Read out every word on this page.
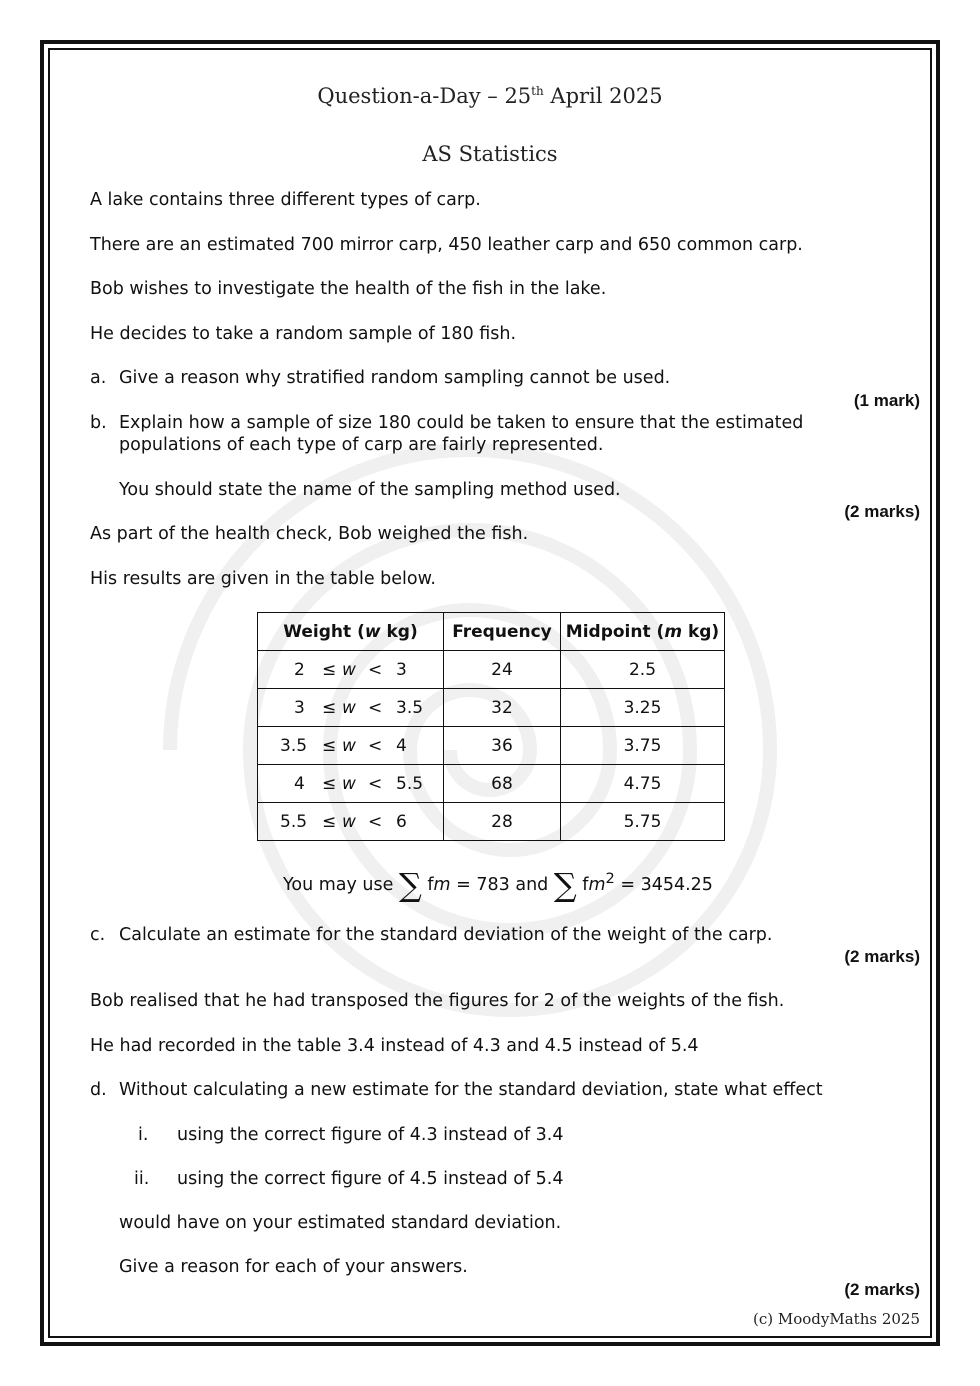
Question-a-Day – 25th April 2025
AS Statistics
A lake contains three different types of carp.
There are an estimated 700 mirror carp, 450 leather carp and 650 common carp.
Bob wishes to investigate the health of the fish in the lake.
He decides to take a random sample of 180 fish.
a. Give a reason why stratified random sampling cannot be used.
(1 mark)
b. Explain how a sample of size 180 could be taken to ensure that the estimated populations of each type of carp are fairly represented.
You should state the name of the sampling method used.
(2 marks)
As part of the health check, Bob weighed the fish.
His results are given in the table below.
Weight (w kg)	Frequency	Midpoint (m kg)

2 ≤ w < 3	24	2.5

3 ≤ w < 3.5	32	3.25

3.5 ≤ w < 4	36	3.75

4 ≤ w < 5.5	68	4.75

5.5 ≤ w < 6	28	5.75
You may use ∑ fm = 783 and ∑ $fm^2 = 3454.25$
c. Calculate an estimate for the standard deviation of the weight of the carp.
(2 marks)
Bob realised that he had transposed the figures for 2 of the weights of the fish.
He had recorded in the table 3.4 instead of 4.3 and 4.5 instead of 5.4
d. Without calculating a new estimate for the standard deviation, state what effect
i. using the correct figure of 4.3 instead of 3.4
ii. using the correct figure of 4.5 instead of 5.4
would have on your estimated standard deviation.
Give a reason for each of your answers.
(2 marks)
(c) MoodyMaths 2025
